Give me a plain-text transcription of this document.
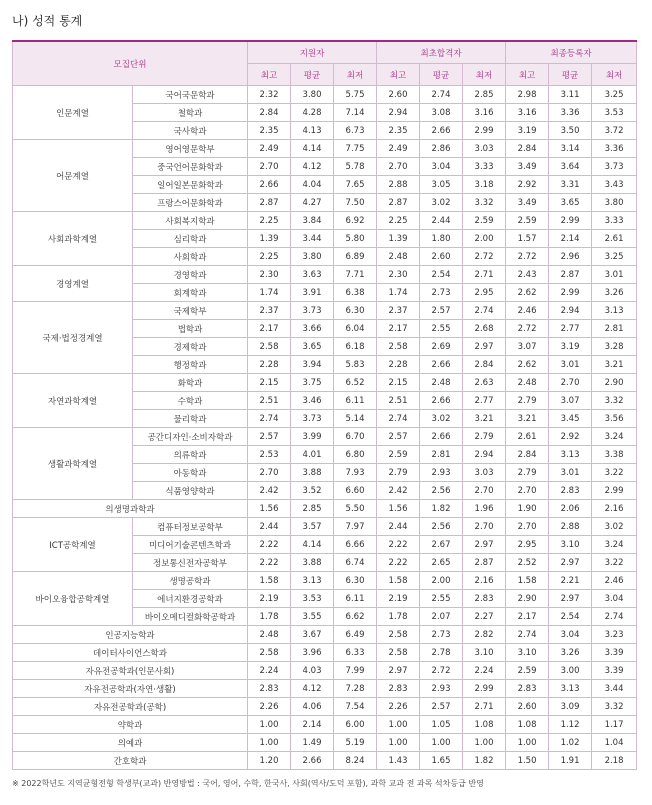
나) 성적 통계
모집단위		지원자			최초합격자			최종등록자		
		최고	평균	최저	최고	평균	최저	최고	평균	최저
인문계열	국어국문학과	2.32	3.80	5.75	2.60	2.74	2.85	2.98	3.11	3.25
	철학과	2.84	4.28	7.14	2.94	3.08	3.16	3.16	3.36	3.53
	국사학과	2.35	4.13	6.73	2.35	2.66	2.99	3.19	3.50	3.72
어문계열	영어영문학부	2.49	4.14	7.75	2.49	2.86	3.03	2.84	3.14	3.36
	중국언어문화학과	2.70	4.12	5.78	2.70	3.04	3.33	3.49	3.64	3.73
	일어일본문화학과	2.66	4.04	7.65	2.88	3.05	3.18	2.92	3.31	3.43
	프랑스어문화학과	2.87	4.27	7.50	2.87	3.02	3.32	3.49	3.65	3.80
사회과학계열	사회복지학과	2.25	3.84	6.92	2.25	2.44	2.59	2.59	2.99	3.33
	심리학과	1.39	3.44	5.80	1.39	1.80	2.00	1.57	2.14	2.61
	사회학과	2.25	3.80	6.89	2.48	2.60	2.72	2.72	2.96	3.25
경영계열	경영학과	2.30	3.63	7.71	2.30	2.54	2.71	2.43	2.87	3.01
	회계학과	1.74	3.91	6.38	1.74	2.73	2.95	2.62	2.99	3.26
국제·법정경계열	국제학부	2.37	3.73	6.30	2.37	2.57	2.74	2.46	2.94	3.13
	법학과	2.17	3.66	6.04	2.17	2.55	2.68	2.72	2.77	2.81
	경제학과	2.58	3.65	6.18	2.58	2.69	2.97	3.07	3.19	3.28
	행정학과	2.28	3.94	5.83	2.28	2.66	2.84	2.62	3.01	3.21
자연과학계열	화학과	2.15	3.75	6.52	2.15	2.48	2.63	2.48	2.70	2.90
	수학과	2.51	3.46	6.11	2.51	2.66	2.77	2.79	3.07	3.32
	물리학과	2.74	3.73	5.14	2.74	3.02	3.21	3.21	3.45	3.56
생활과학계열	공간디자인·소비자학과	2.57	3.99	6.70	2.57	2.66	2.79	2.61	2.92	3.24
	의류학과	2.53	4.01	6.80	2.59	2.81	2.94	2.84	3.13	3.38
	아동학과	2.70	3.88	7.93	2.79	2.93	3.03	2.79	3.01	3.22
	식품영양학과	2.42	3.52	6.60	2.42	2.56	2.70	2.70	2.83	2.99
의생명과학과		1.56	2.85	5.50	1.56	1.82	1.96	1.90	2.06	2.16
ICT공학계열	컴퓨터정보공학부	2.44	3.57	7.97	2.44	2.56	2.70	2.70	2.88	3.02
	미디어기술콘텐츠학과	2.22	4.14	6.66	2.22	2.67	2.97	2.95	3.10	3.24
	정보통신전자공학부	2.22	3.88	6.74	2.22	2.65	2.87	2.52	2.97	3.22
바이오융합공학계열	생명공학과	1.58	3.13	6.30	1.58	2.00	2.16	1.58	2.21	2.46
	에너지환경공학과	2.19	3.53	6.11	2.19	2.55	2.83	2.90	2.97	3.04
	바이오메디컬화학공학과	1.78	3.55	6.62	1.78	2.07	2.27	2.17	2.54	2.74
인공지능학과		2.48	3.67	6.49	2.58	2.73	2.82	2.74	3.04	3.23
데이터사이언스학과		2.58	3.96	6.33	2.58	2.78	3.10	3.10	3.26	3.39
자유전공학과(인문사회)		2.24	4.03	7.99	2.97	2.72	2.24	2.59	3.00	3.39
자유전공학과(자연·생활)		2.83	4.12	7.28	2.83	2.93	2.99	2.83	3.13	3.44
자유전공학과(공학)		2.26	4.06	7.54	2.26	2.57	2.71	2.60	3.09	3.32
약학과		1.00	2.14	6.00	1.00	1.05	1.08	1.08	1.12	1.17
의예과		1.00	1.49	5.19	1.00	1.00	1.00	1.00	1.02	1.04
간호학과		1.20	2.66	8.24	1.43	1.65	1.82	1.50	1.91	2.18
※ 2022학년도 지역균형전형 학생부(교과) 반영방법 : 국어, 영어, 수학, 한국사, 사회(역사/도덕 포함), 과학 교과 전 과목 석차등급 반영
